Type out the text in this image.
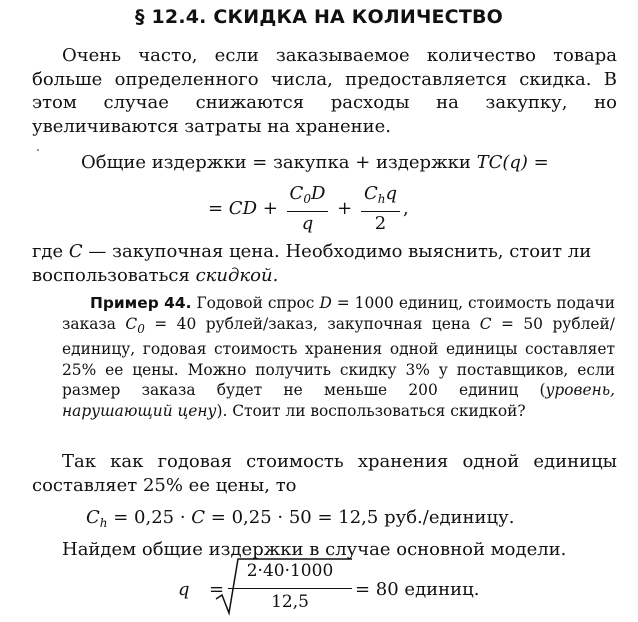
§ 12.4. СКИДКА НА КОЛИЧЕСТВО
Очень часто, если заказываемое количество товара больше определенного числа, предоставляется скидка. В этом случае снижаются расходы на закупку, но увеличиваются затраты на хранение.
Общие издержки = закупка + издержки TC(q) =
= CD + $\frac{C_0D}{q} + \frac{C_hq}{2}$ ,
где C — закупочная цена. Необходимо выяснить, стоит ли
воспользоваться скидкой.
Пример 44. Годовой спрос D = 1000 единиц, стоимость подачи заказа $C_0 = 40$ рублей/заказ, закупочная цена C = 50 рублей/единицу, годовая стоимость хранения одной единицы составляет 25% ее цены. Можно получить скидку 3% у поставщиков, если размер заказа будет не меньше 200 единиц (уровень, нарушающий цену). Стоит ли воспользоваться скидкой?
Так как годовая стоимость хранения одной единицы составляет 25% ее цены, то
$C_h = 0,25 \cdot C = 0,25 \cdot 50 = 12,5$ руб./единицу.
Найдем общие издержки в случае основной модели.
q =
2·40·1000
12,5
= 80 единиц.
